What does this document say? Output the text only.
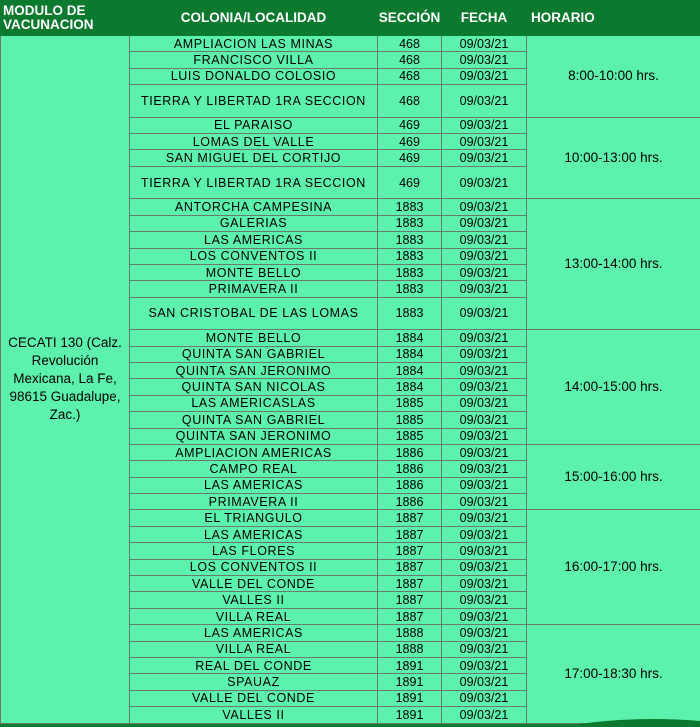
MODULO DE VACUNACION	COLONIA/LOCALIDAD	SECCIÓN	FECHA	HORARIO
CECATI 130 (Calz. Revolución Mexicana, La Fe, 98615 Guadalupe, Zac.)	AMPLIACION LAS MINAS	468	09/03/21	8:00-10:00 hrs.
	FRANCISCO VILLA	468	09/03/21	
	LUIS DONALDO COLOSIO	468	09/03/21	
	TIERRA Y LIBERTAD 1RA SECCION	468	09/03/21	
	EL PARAISO	469	09/03/21	10:00-13:00 hrs.
	LOMAS DEL VALLE	469	09/03/21	
	SAN MIGUEL DEL CORTIJO	469	09/03/21	
	TIERRA Y LIBERTAD 1RA SECCION	469	09/03/21	
	ANTORCHA CAMPESINA	1883	09/03/21	13:00-14:00 hrs.
	GALERIAS	1883	09/03/21	
	LAS AMERICAS	1883	09/03/21	
	LOS CONVENTOS II	1883	09/03/21	
	MONTE BELLO	1883	09/03/21	
	PRIMAVERA II	1883	09/03/21	
	SAN CRISTOBAL DE LAS LOMAS	1883	09/03/21	
	MONTE BELLO	1884	09/03/21	14:00-15:00 hrs.
	QUINTA SAN GABRIEL	1884	09/03/21	
	QUINTA SAN JERONIMO	1884	09/03/21	
	QUINTA SAN NICOLAS	1884	09/03/21	
	LAS AMERICASLAS	1885	09/03/21	
	QUINTA SAN GABRIEL	1885	09/03/21	
	QUINTA SAN JERONIMO	1885	09/03/21	
	AMPLIACION AMERICAS	1886	09/03/21	15:00-16:00 hrs.
	CAMPO REAL	1886	09/03/21	
	LAS AMERICAS	1886	09/03/21	
	PRIMAVERA II	1886	09/03/21	
	EL TRIANGULO	1887	09/03/21	16:00-17:00 hrs.
	LAS AMERICAS	1887	09/03/21	
	LAS FLORES	1887	09/03/21	
	LOS CONVENTOS II	1887	09/03/21	
	VALLE DEL CONDE	1887	09/03/21	
	VALLES II	1887	09/03/21	
	VILLA REAL	1887	09/03/21	
	LAS AMERICAS	1888	09/03/21	17:00-18:30 hrs.
	VILLA REAL	1888	09/03/21	
	REAL DEL CONDE	1891	09/03/21	
	SPAUAZ	1891	09/03/21	
	VALLE DEL CONDE	1891	09/03/21	
	VALLES II	1891	09/03/21	
